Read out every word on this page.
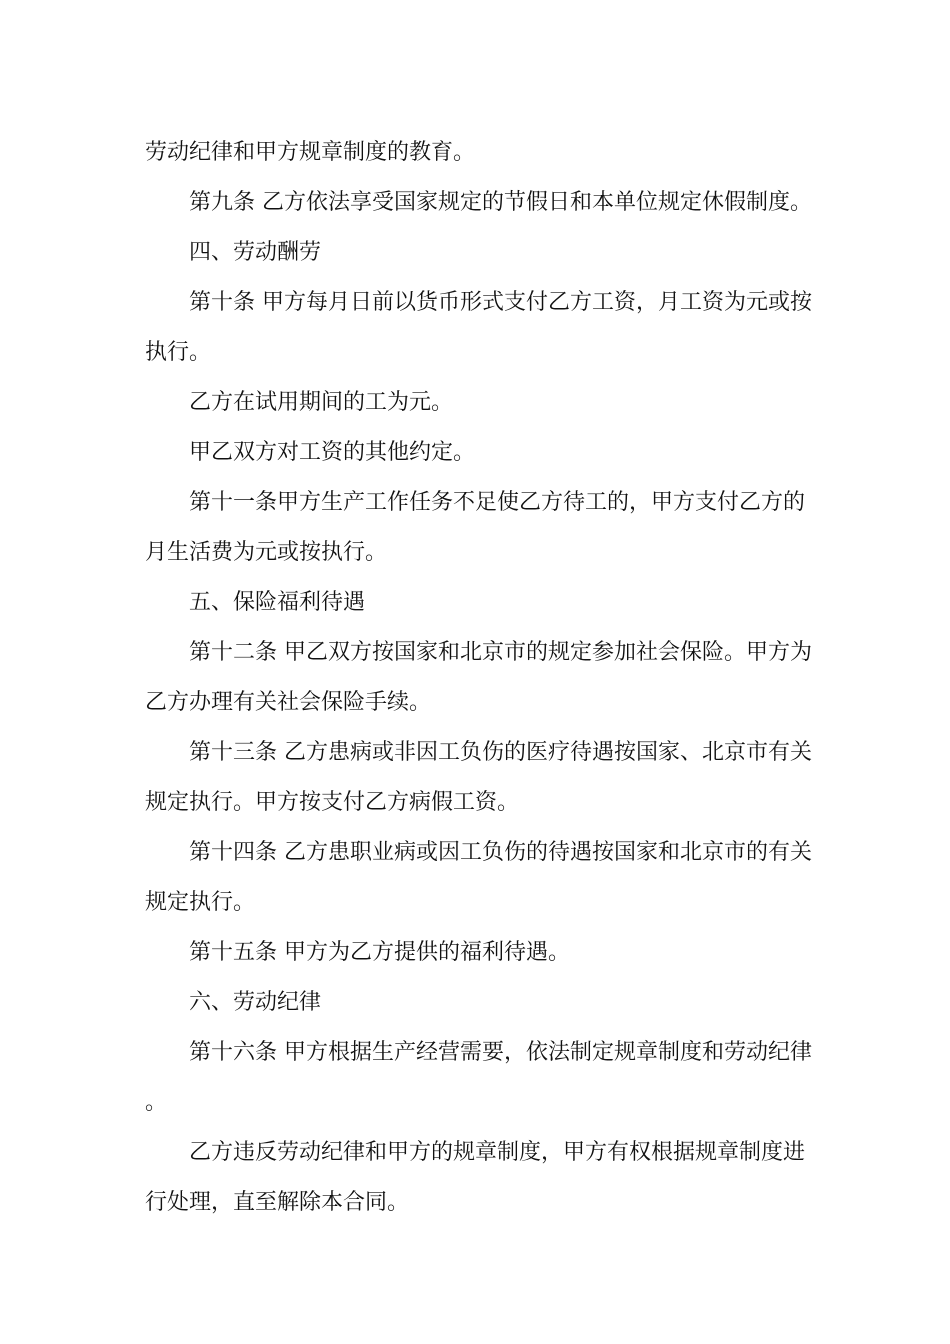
劳动纪律和甲方规章制度的教育。

第九条 乙方依法享受国家规定的节假日和本单位规定休假制度。

四、劳动酬劳

第十条 甲方每月日前以货币形式支付乙方工资，月工资为元或按执行。

乙方在试用期间的工为元。

甲乙双方对工资的其他约定。

第十一条甲方生产工作任务不足使乙方待工的，甲方支付乙方的月生活费为元或按执行。

五、保险福利待遇

第十二条 甲乙双方按国家和北京市的规定参加社会保险。甲方为乙方办理有关社会保险手续。

第十三条 乙方患病或非因工负伤的医疗待遇按国家、北京市有关规定执行。甲方按支付乙方病假工资。

第十四条 乙方患职业病或因工负伤的待遇按国家和北京市的有关规定执行。

第十五条 甲方为乙方提供的福利待遇。

六、劳动纪律

第十六条 甲方根据生产经营需要，依法制定规章制度和劳动纪律。

乙方违反劳动纪律和甲方的规章制度，甲方有权根据规章制度进行处理，直至解除本合同。
